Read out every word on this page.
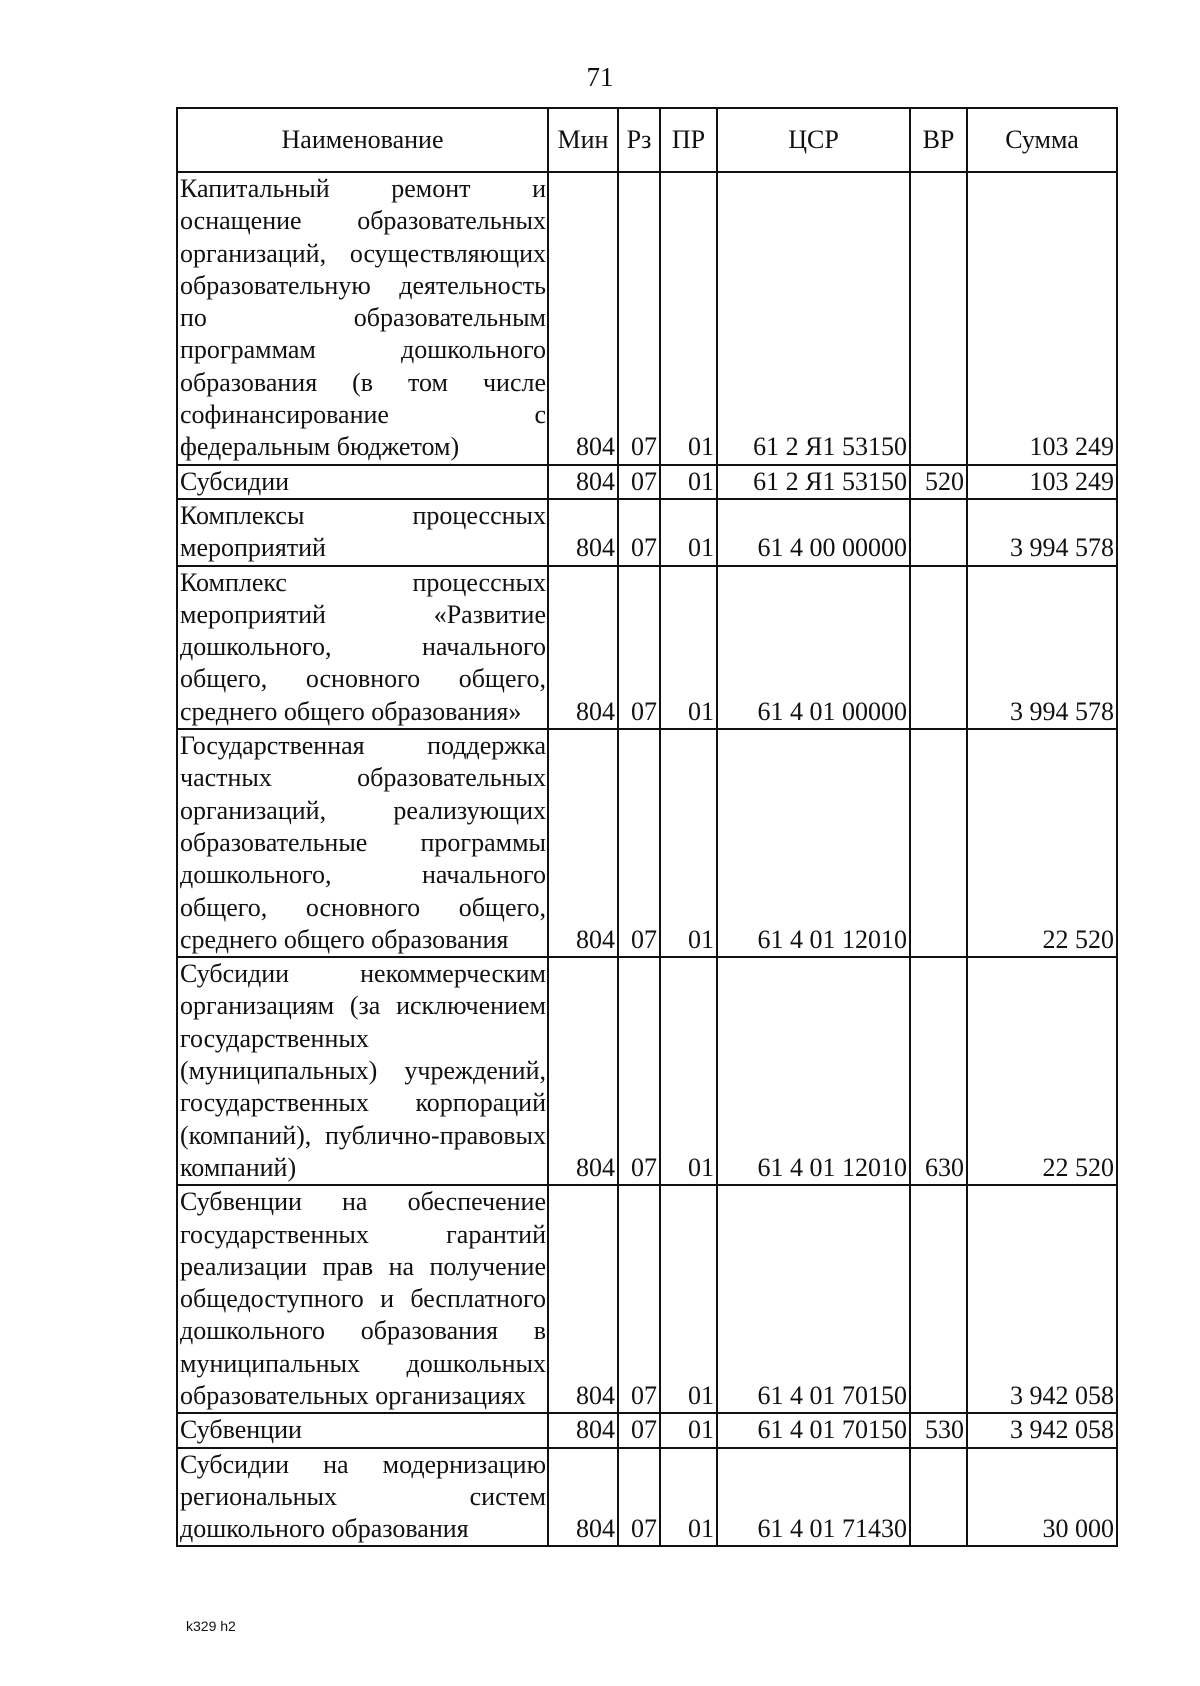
71
Наименование	Мин	Рз	ПР	ЦСР	ВР	Сумма
Капитальный ремонт и оснащение образовательных организаций, осуществляющих образовательную деятельность по образовательным программам дошкольного образования (в том числе софинансирование с федеральным бюджетом)	804	07	01	61 2 Я1 53150		103 249
Субсидии	804	07	01	61 2 Я1 53150	520	103 249
Комплексы процессных мероприятий	804	07	01	61 4 00 00000		3 994 578
Комплекс процессных мероприятий «Развитие дошкольного, начального общего, основного общего, среднего общего образования»	804	07	01	61 4 01 00000		3 994 578
Государственная поддержка частных образовательных организаций, реализующих образовательные программы дошкольного, начального общего, основного общего, среднего общего образования	804	07	01	61 4 01 12010		22 520
Субсидии некоммерческим организациям (за исключением государственных (муниципальных) учреждений, государственных корпораций (компаний), публично-правовых компаний)	804	07	01	61 4 01 12010	630	22 520
Субвенции на обеспечение государственных гарантий реализации прав на получение общедоступного и бесплатного дошкольного образования в муниципальных дошкольных образовательных организациях	804	07	01	61 4 01 70150		3 942 058
Субвенции	804	07	01	61 4 01 70150	530	3 942 058
Субсидии на модернизацию региональных систем дошкольного образования	804	07	01	61 4 01 71430		30 000
k329 h2
